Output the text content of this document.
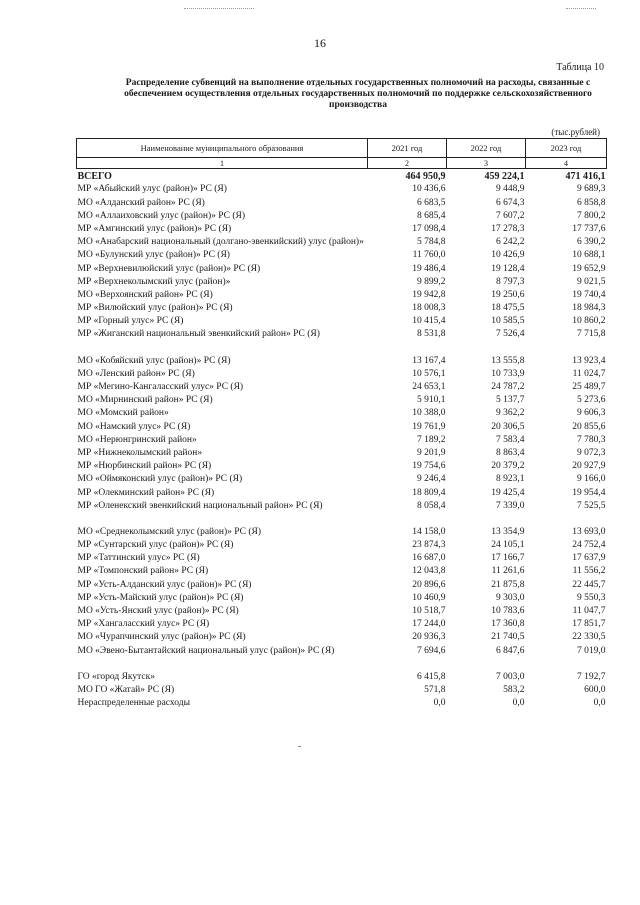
16
Таблица 10
Распределение субвенций на выполнение отдельных государственных полномочий на расходы, связанные с обеспечением осуществления отдельных государственных полномочий по поддержке сельскохозяйственного производства
(тыс.рублей)
Наименование муниципального образования	2021 год	2022 год	2023 год
1	2	3	4
ВСЕГО	464 950,9	459 224,1	471 416,1
МР «Абыйский улус (район)» РС (Я)	10 436,6	9 448,9	9 689,3
МО «Алданский район» РС (Я)	6 683,5	6 674,3	6 858,8
МО «Аллаиховский улус (район)» РС (Я)	8 685,4	7 607,2	7 800,2
МР «Амгинский улус (район)» РС (Я)	17 098,4	17 278,3	17 737,6
МО «Анабарский национальный (долгано-эвенкийский) улус (район)»	5 784,8	6 242,2	6 390,2
МО «Булунский улус (район)» РС (Я)	11 760,0	10 426,9	10 688,1
МР «Верхневилюйский улус (район)» РС (Я)	19 486,4	19 128,4	19 652,9
МР «Верхнеколымский улус (район)»	9 899,2	8 797,3	9 021,5
МО «Верхоянский район» РС (Я)	19 942,8	19 250,6	19 740,4
МР «Вилюйский улус (район)» РС (Я)	18 008,3	18 475,5	18 984,3
МР «Горный улус» РС (Я)	10 415,4	10 585,5	10 860,2
МР «Жиганский национальный эвенкийский район» РС (Я)	8 531,8	7 526,4	7 715,8

МО «Кобяйский улус (район)» РС (Я)	13 167,4	13 555,8	13 923,4
МО «Ленский район» РС (Я)	10 576,1	10 733,9	11 024,7
МР «Мегино-Кангаласский улус» РС (Я)	24 653,1	24 787,2	25 489,7
МО «Мирнинский район» РС (Я)	5 910,1	5 137,7	5 273,6
МО «Момский район»	10 388,0	9 362,2	9 606,3
МО «Намский улус» РС (Я)	19 761,9	20 306,5	20 855,6
МО «Нерюнгринский район»	7 189,2	7 583,4	7 780,3
МР «Нижнеколымский район»	9 201,9	8 863,4	9 072,3
МР «Нюрбинский район» РС (Я)	19 754,6	20 379,2	20 927,9
МО «Оймяконский улус (район)» РС (Я)	9 246,4	8 923,1	9 166,0
МР «Олекминский район» РС (Я)	18 809,4	19 425,4	19 954,4
МР «Оленекский эвенкийский национальный район» РС (Я)	8 058,4	7 339,0	7 525,5

МО «Среднеколымский улус (район)» РС (Я)	14 158,0	13 354,9	13 693,0
МР «Сунтарский улус (район)» РС (Я)	23 874,3	24 105,1	24 752,4
МР «Таттинский улус» РС (Я)	16 687,0	17 166,7	17 637,9
МР «Томпонский район» РС (Я)	12 043,8	11 261,6	11 556,2
МР «Усть-Алданский улус (район)» РС (Я)	20 896,6	21 875,8	22 445,7
МР «Усть-Майский улус (район)» РС (Я)	10 460,9	9 303,0	9 550,3
МО «Усть-Янский улус (район)» РС (Я)	10 518,7	10 783,6	11 047,7
МР «Хангаласский улус» РС (Я)	17 244,0	17 360,8	17 851,7
МО «Чурапчинский улус (район)» РС (Я)	20 936,3	21 740,5	22 330,5
МО «Эвено-Бытантайский национальный улус (район)» РС (Я)	7 694,6	6 847,6	7 019,0

ГО «город Якутск»	6 415,8	7 003,0	7 192,7
МО ГО «Жатай» РС (Я)	571,8	583,2	600,0
Нераспределенные расходы	0,0	0,0	0,0
